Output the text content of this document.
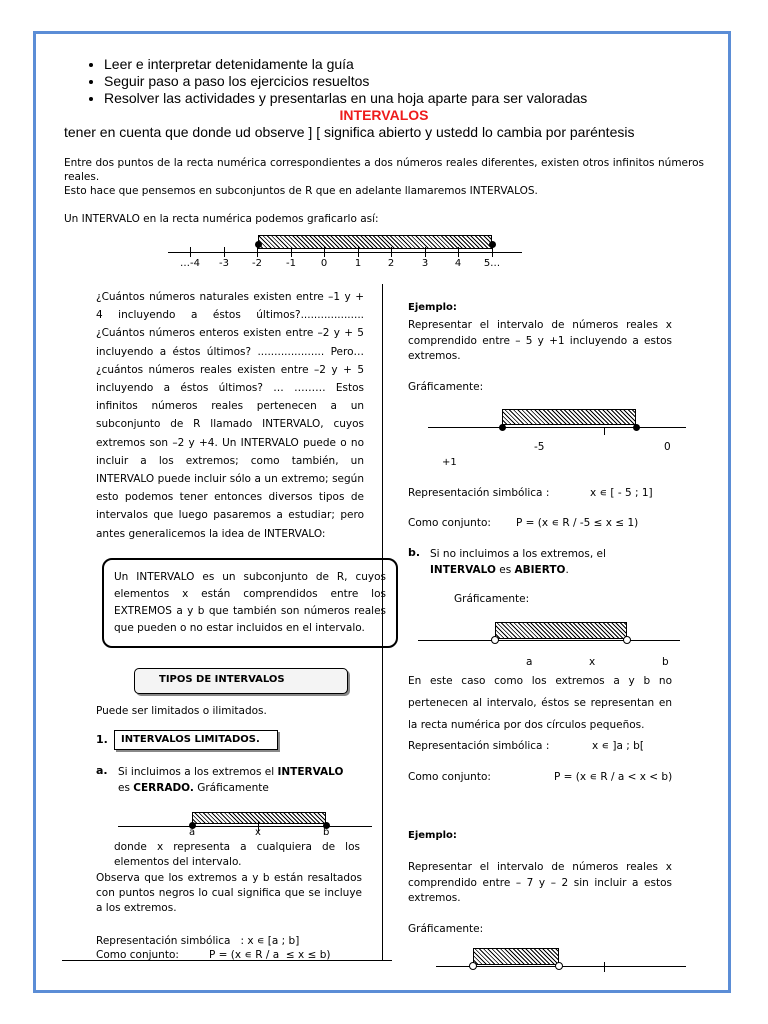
• Leer e interpretar detenidamente la guía
• Seguir paso a paso los ejercicios resueltos
• Resolver las actividades y presentarlas en una hoja aparte para ser valoradas
INTERVALOS
tener en cuenta que donde ud observe ] [ significa abierto y ustedd lo cambia por paréntesis
Entre dos puntos de la recta numérica correspondientes a dos números reales diferentes, existen otros infinitos números reales.
Esto hace que pensemos en subconjuntos de R que en adelante llamaremos INTERVALOS.
Un INTERVALO en la recta numérica podemos graficarlo así:
…-4	-3	-2	-1	0	1	2	3	4	5…
¿Cuántos números naturales existen entre –1 y + 4 incluyendo a éstos últimos?................... ¿Cuántos números enteros existen entre –2 y + 5 incluyendo a éstos últimos? .................... Pero… ¿cuántos números reales existen entre –2 y + 5 incluyendo a éstos últimos? … ……… Estos infinitos números reales pertenecen a un subconjunto de R llamado INTERVALO, cuyos extremos son –2 y +4. Un INTERVALO puede o no incluir a los extremos; como también, un INTERVALO puede incluir sólo a un extremo; según esto podemos tener entonces diversos tipos de intervalos que luego pasaremos a estudiar; pero antes generalicemos la idea de INTERVALO:
Un INTERVALO es un subconjunto de R, cuyos elementos x están comprendidos entre los EXTREMOS a y b que también son números reales que pueden o no estar incluidos en el intervalo.
TIPOS DE INTERVALOS
Puede ser limitados o ilimitados.
1.	INTERVALOS LIMITADOS.
a. Si incluimos a los extremos el INTERVALO
es CERRADO. Gráficamente
a	x	b
donde x representa a cualquiera de los elementos del intervalo.
Observa que los extremos a y b están resaltados con puntos negros lo cual significa que se incluye a los extremos.
Representación simbólica   : x ∊ [a ; b]
Como conjunto:         P = (x ∊ R / a  ≤ x ≤ b)
Ejemplo:
Representar el intervalo de números reales x comprendido entre – 5 y +1 incluyendo a estos extremos.
Gráficamente:
-5	0
+1
Representación simbólica :	x ∊ [ - 5 ; 1]
Como conjunto: P = (x ∊ R / -5 ≤ x ≤ 1)
b. Si no incluimos a los extremos, el
INTERVALO es ABIERTO.
Gráficamente:
a	x	b
En este caso como los extremos a y b no pertenecen al intervalo, éstos se representan en la recta numérica por dos círculos pequeños.
Representación simbólica :	x ∊ ]a ; b[
Como conjunto:	P = (x ∊ R / a < x < b)
Ejemplo:
Representar el intervalo de números reales x comprendido entre – 7 y – 2 sin incluir a estos extremos.
Gráficamente:
